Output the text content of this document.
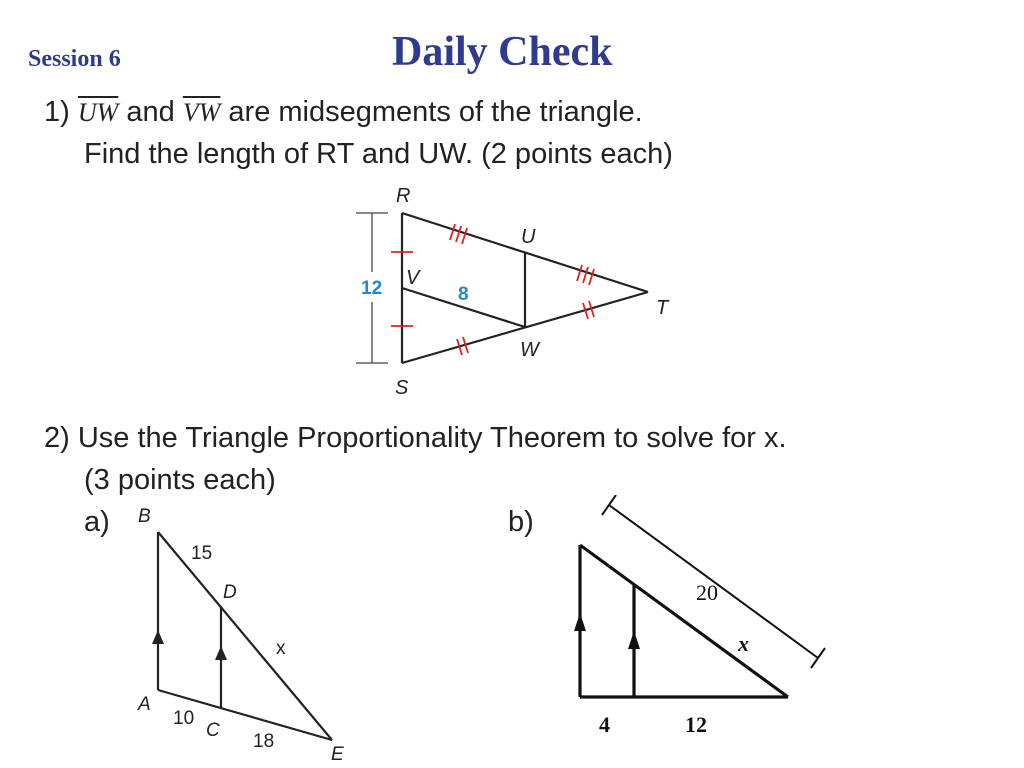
Session 6	Daily Check
1) $\overline{UW}$ and $\overline{VW}$ are midsegments of the triangle.
Find the length of RT and UW. (2 points each)
R
U
T
V
W
S
12	8
2) Use the Triangle Proportionality Theorem to solve for x.
(3 points each)
a)	b)
B
15
D
x
A
10
C
18
E
20
x
4	12
